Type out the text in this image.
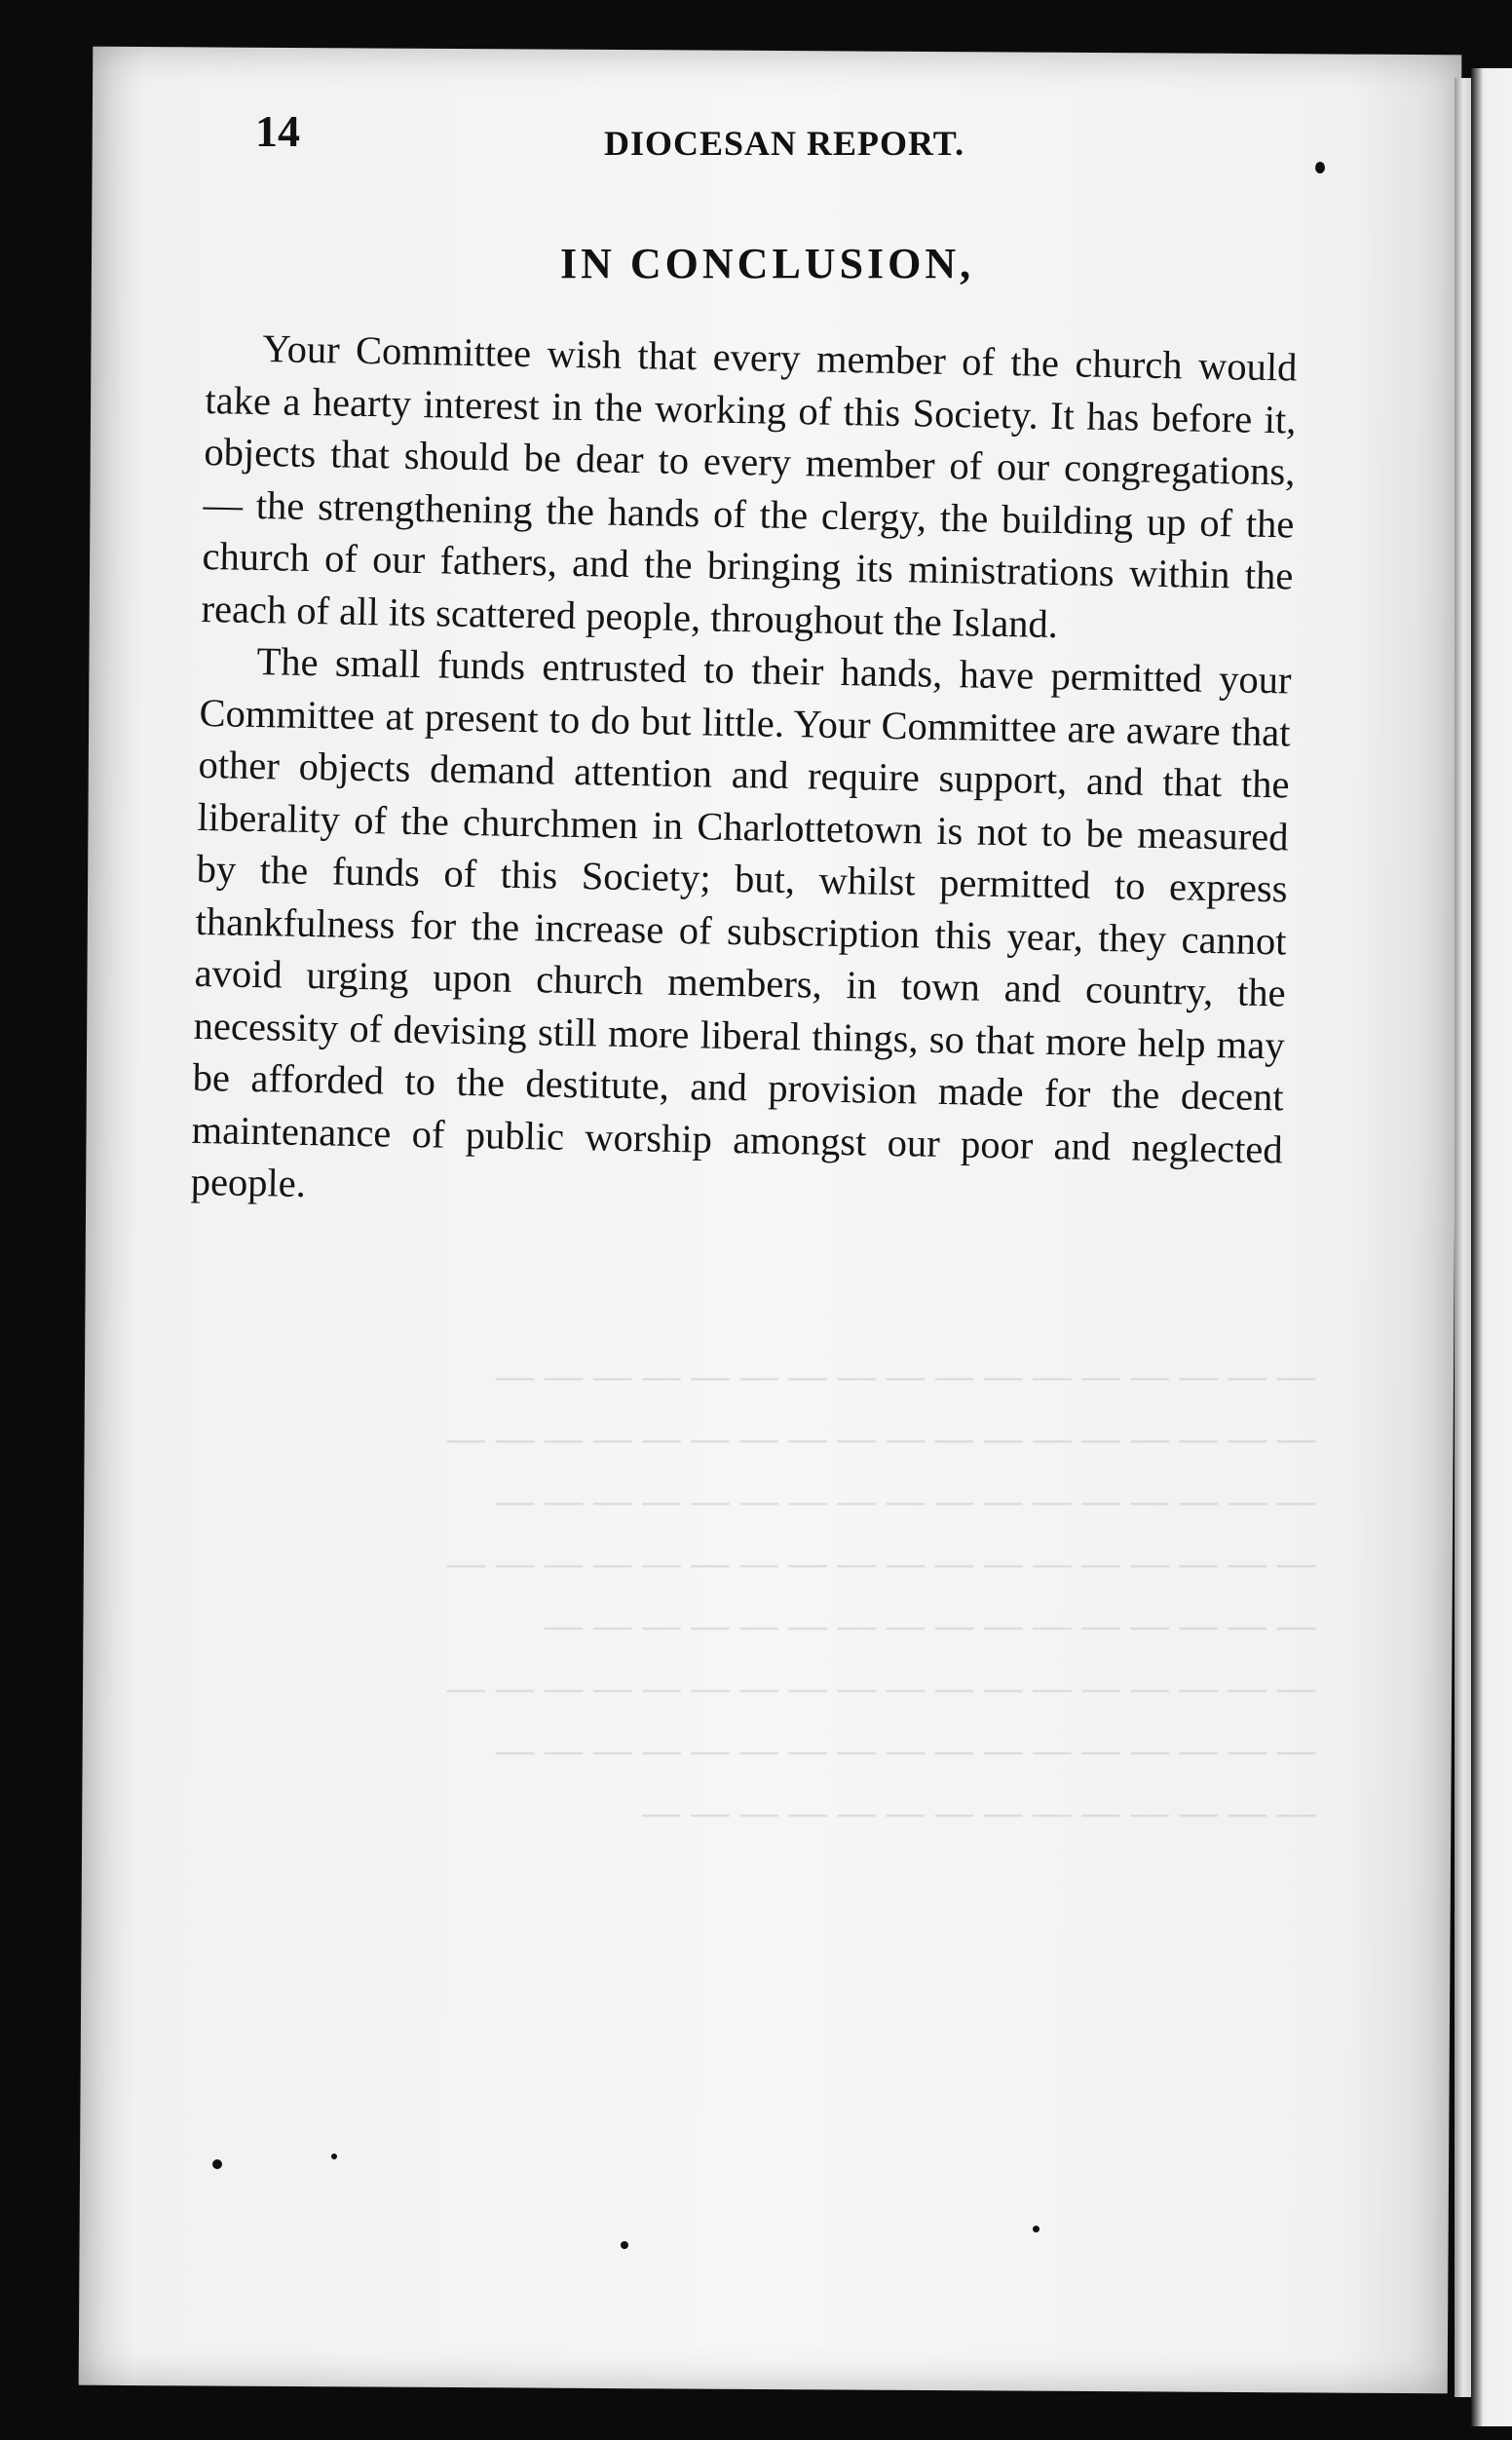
— — — — — — — — — — — — — — — — —
— — — — — — — — — — — — — — — — — —
— — — — — — — — — — — — — — — — —
— — — — — — — — — — — — — — — — — —
— — — — — — — — — — — — — — — —
— — — — — — — — — — — — — — — — — —
— — — — — — — — — — — — — — — — —
— — — — — — — — — — — — — —
14	DIOCESAN REPORT.
IN CONCLUSION,

Your Committee wish that every member of the church would take a hearty interest in the working of this Society. It has before it, objects that should be dear to every member of our congregations, — the strengthening the hands of the clergy, the building up of the church of our fathers, and the bringing its ministrations within the reach of all its scattered people, throughout the Island.

The small funds entrusted to their hands, have permitted your Committee at present to do but little. Your Committee are aware that other objects demand attention and require support, and that the liberality of the churchmen in Charlottetown is not to be measured by the funds of this Society; but, whilst permitted to express thankfulness for the increase of subscription this year, they cannot avoid urging upon church members, in town and country, the necessity of devising still more liberal things, so that more help may be afforded to the destitute, and provision made for the decent maintenance of public worship amongst our poor and neglected people.
